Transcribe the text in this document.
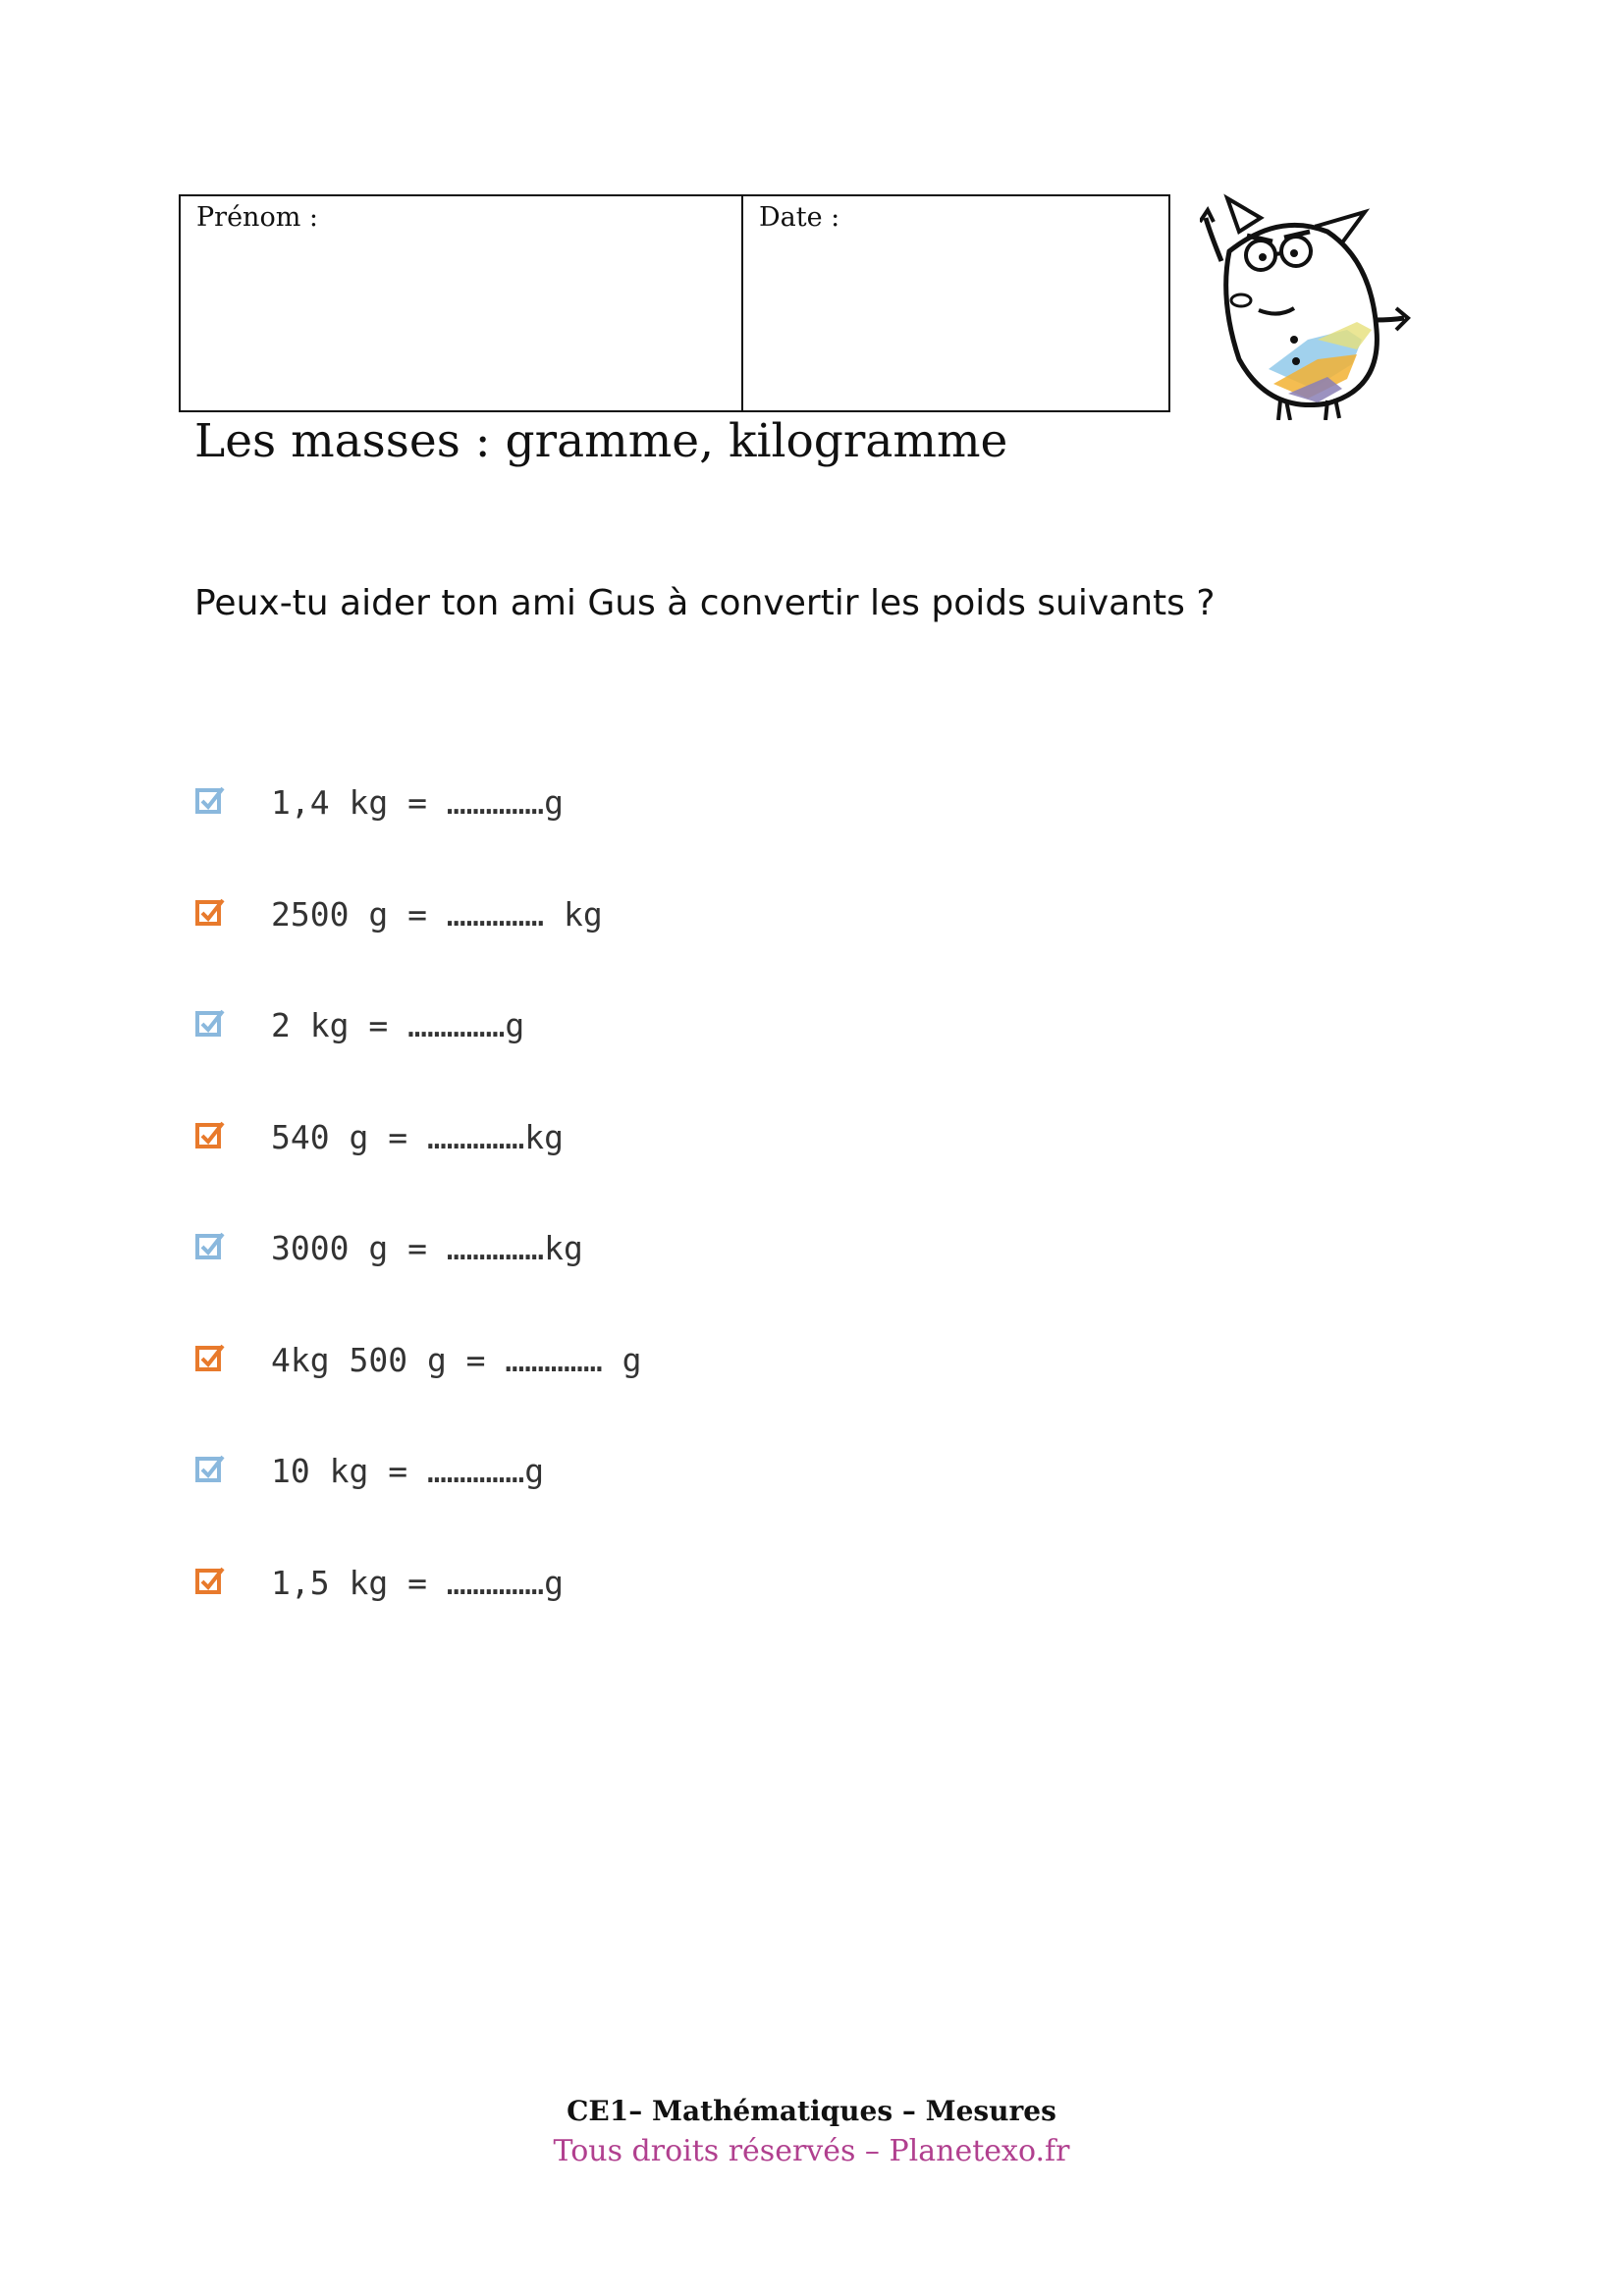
Prénom :	Date :
Les masses : gramme, kilogramme
Peux-tu aider ton ami Gus à convertir les poids suivants ?
1,4 kg = ……………g
2500 g = …………… kg
2 kg = ……………g
540 g = ……………kg
3000 g = ……………kg
4kg 500 g = …………… g
10 kg = ……………g
1,5 kg = ……………g
CE1– Mathématiques – Mesures
Tous droits réservés – Planetexo.fr
